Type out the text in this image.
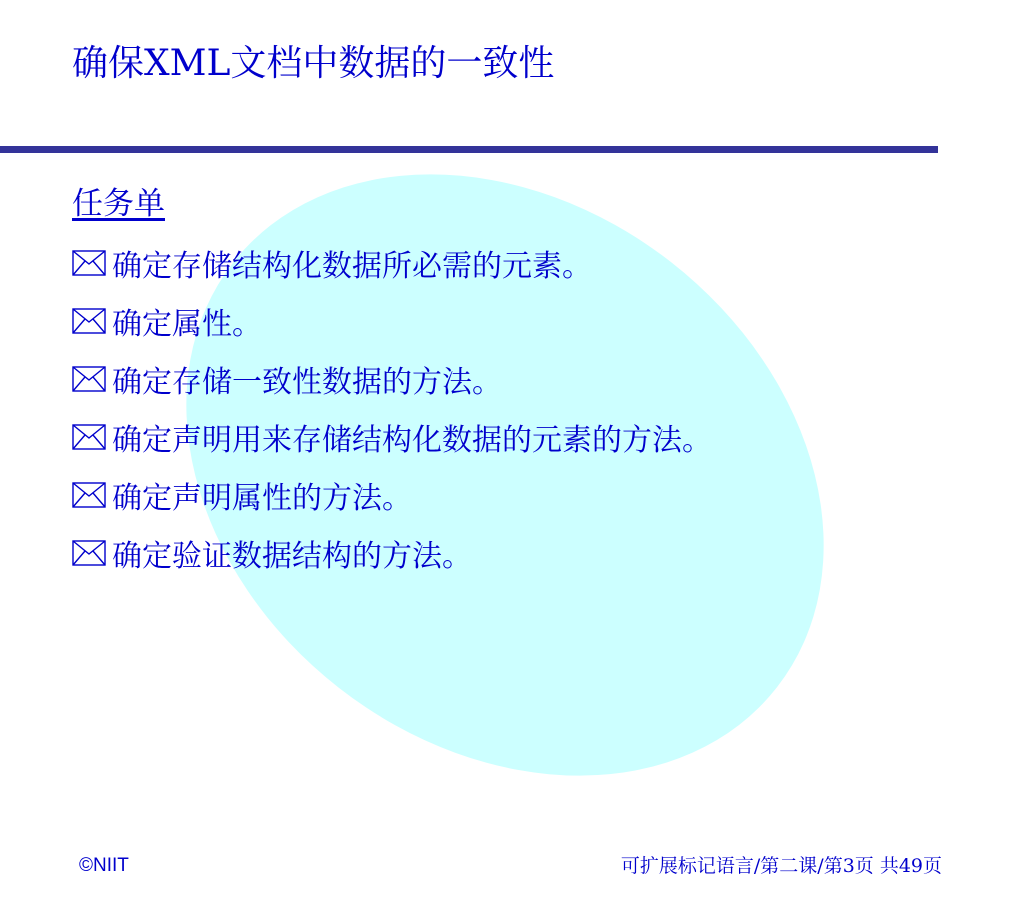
确保XML文档中数据的一致性
任务单
确定存储结构化数据所必需的元素。
确定属性。
确定存储一致性数据的方法。
确定声明用来存储结构化数据的元素的方法。
确定声明属性的方法。
确定验证数据结构的方法。
©NIIT	可扩展标记语言/第二课/第3页 共49页
